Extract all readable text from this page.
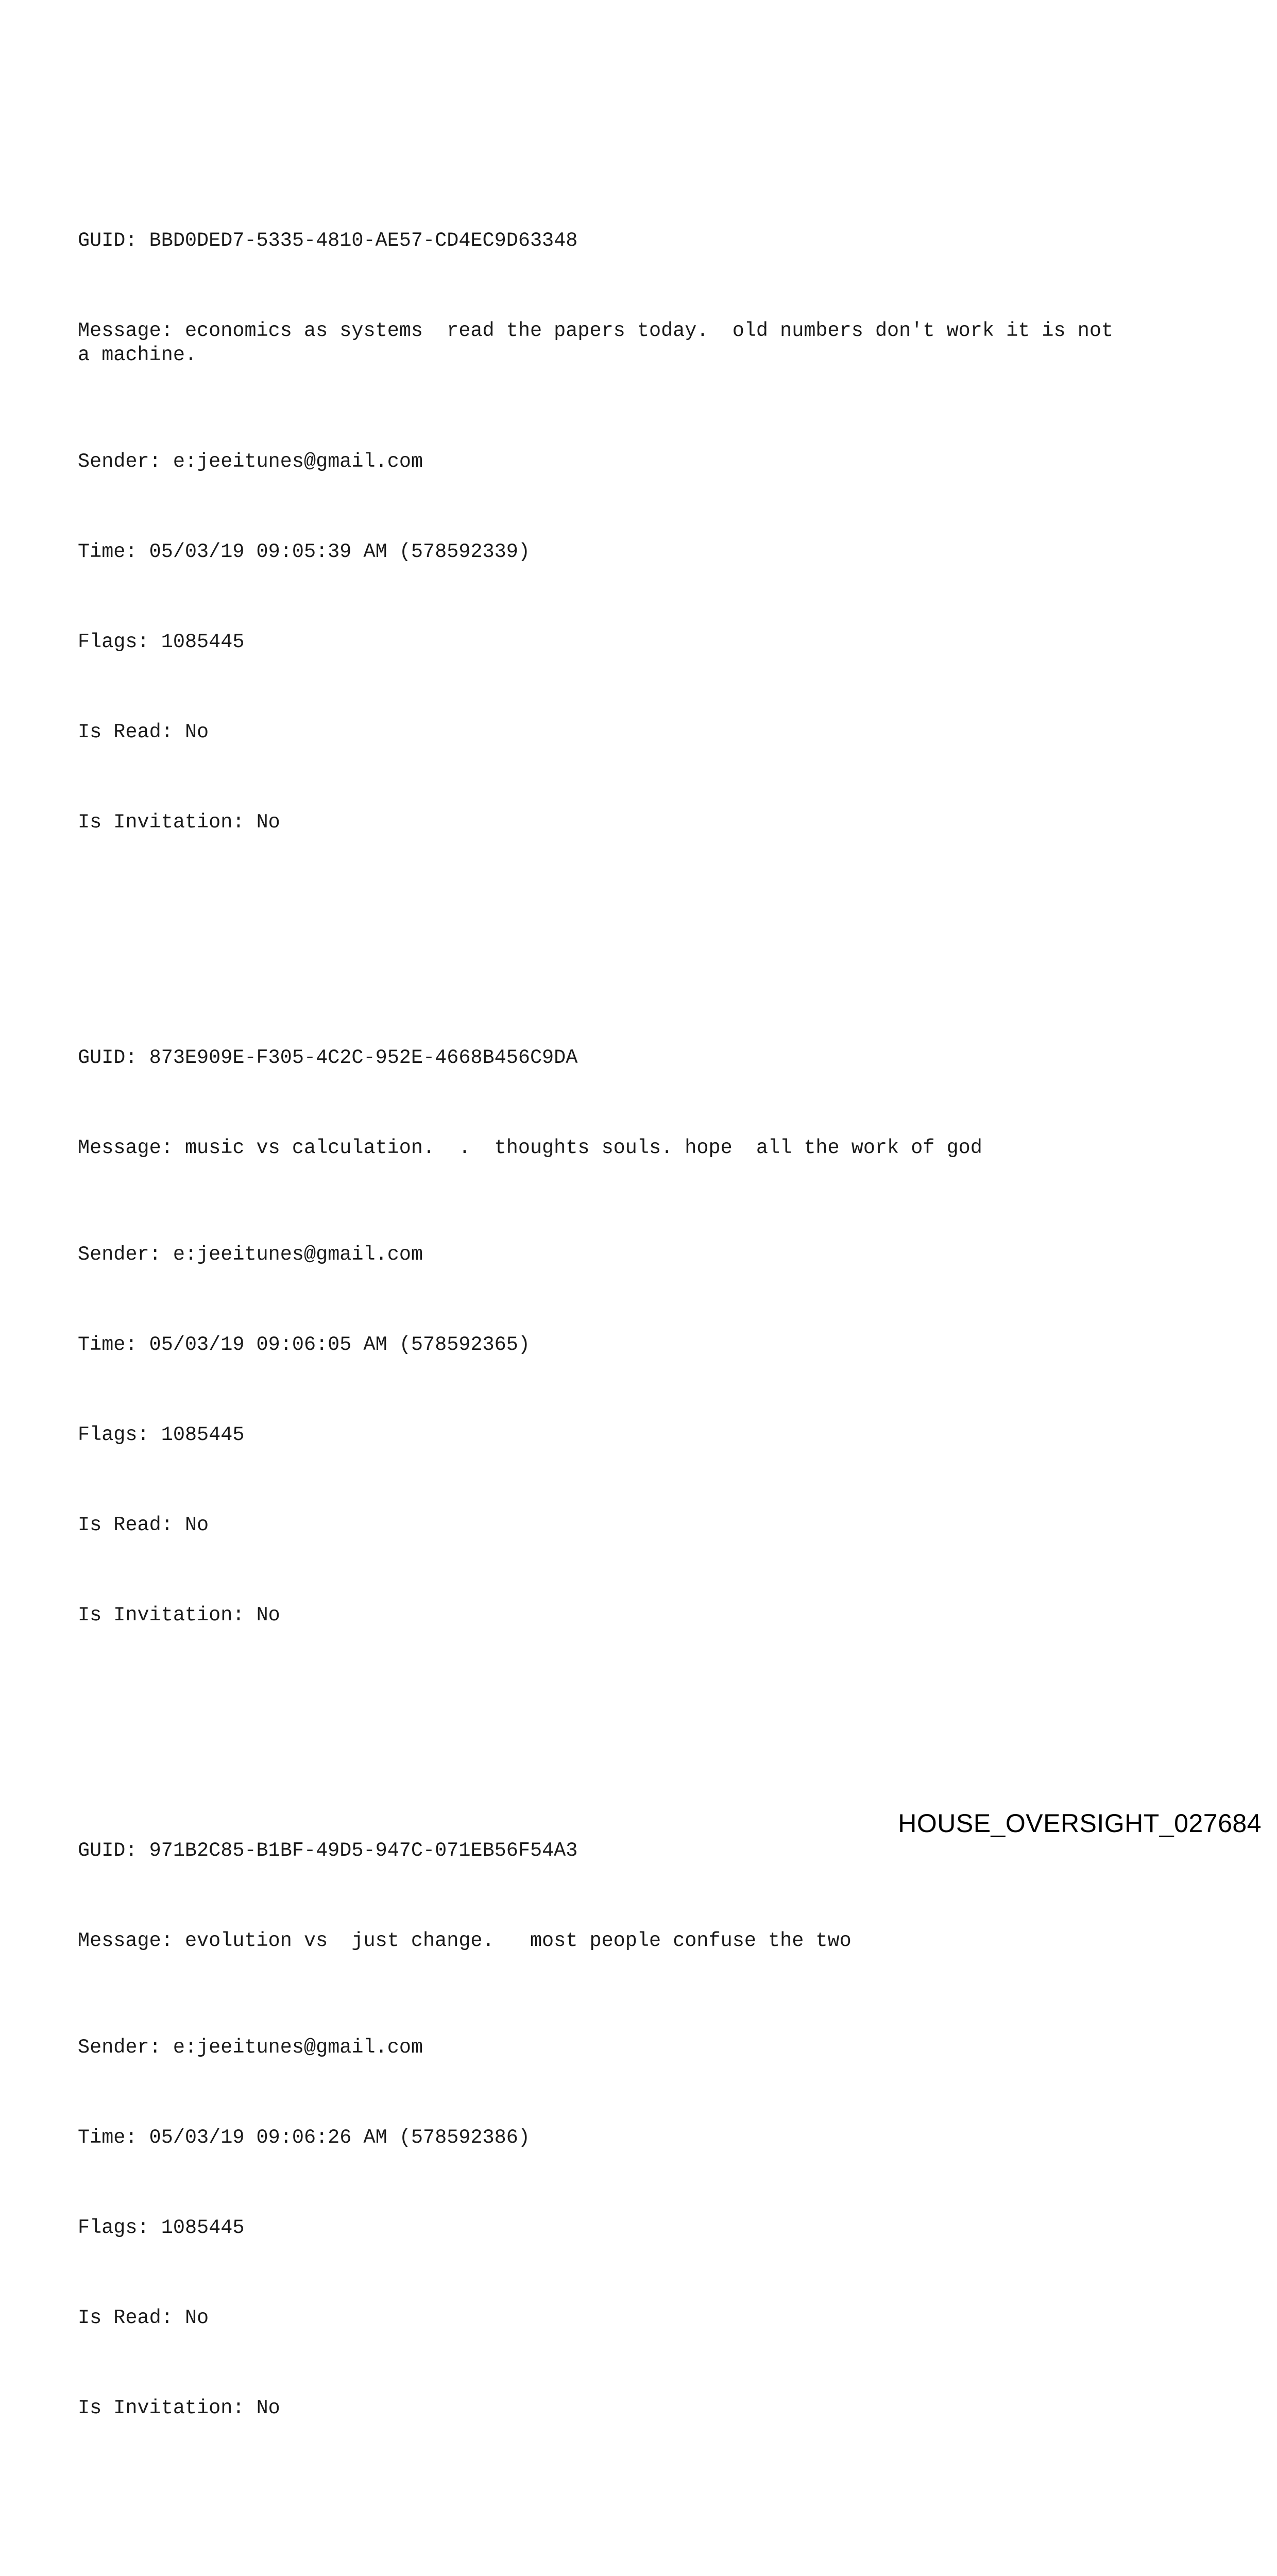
GUID: BBD0DED7-5335-4810-AE57-CD4EC9D63348

Message: economics as systems  read the papers today.  old numbers don't work it is not
a machine.

Sender: e:jeeitunes@gmail.com

Time: 05/03/19 09:05:39 AM (578592339)

Flags: 1085445

Is Read: No

Is Invitation: No

GUID: 873E909E-F305-4C2C-952E-4668B456C9DA

Message: music vs calculation.  .  thoughts souls. hope  all the work of god

Sender: e:jeeitunes@gmail.com

Time: 05/03/19 09:06:05 AM (578592365)

Flags: 1085445

Is Read: No

Is Invitation: No

GUID: 971B2C85-B1BF-49D5-947C-071EB56F54A3

Message: evolution vs  just change.   most people confuse the two

Sender: e:jeeitunes@gmail.com

Time: 05/03/19 09:06:26 AM (578592386)

Flags: 1085445

Is Read: No

Is Invitation: No

HOUSE_OVERSIGHT_027684
